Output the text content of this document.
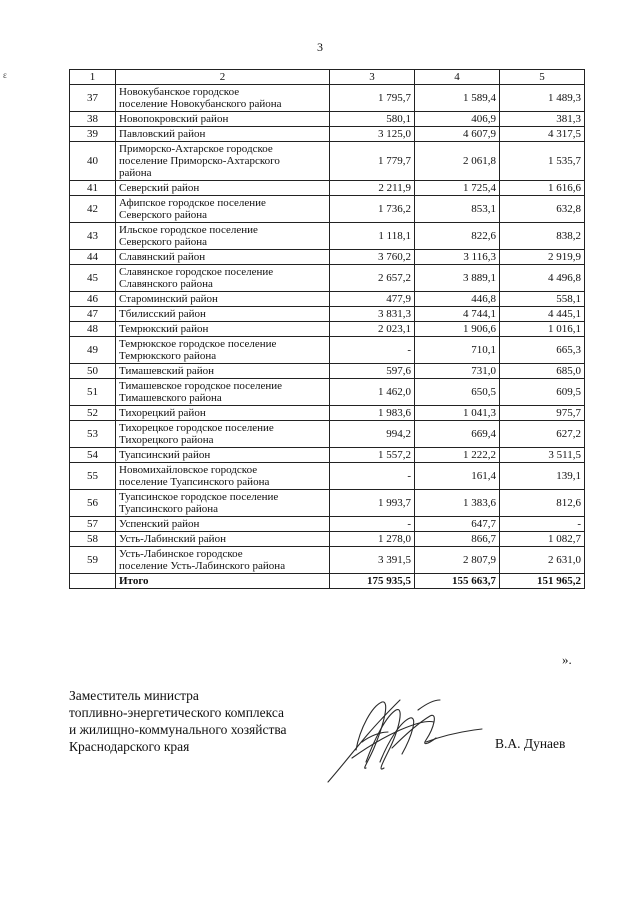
3
ɛ	1	2	3	4	5
37	Новокубанское городское
поселение Новокубанского района	1 795,7	1 589,4	1 489,3
38	Новопокровский район	580,1	406,9	381,3
39	Павловский район	3 125,0	4 607,9	4 317,5
40	Приморско-Ахтарское городское
поселение Приморско-Ахтарского
района	1 779,7	2 061,8	1 535,7
41	Северский район	2 211,9	1 725,4	1 616,6
42	Афипское городское поселение
Северского района	1 736,2	853,1	632,8
43	Ильское городское поселение
Северского района	1 118,1	822,6	838,2
44	Славянский район	3 760,2	3 116,3	2 919,9
45	Славянское городское поселение
Славянского района	2 657,2	3 889,1	4 496,8
46	Староминский район	477,9	446,8	558,1
47	Тбилисский район	3 831,3	4 744,1	4 445,1
48	Темрюкский район	2 023,1	1 906,6	1 016,1
49	Темрюкское городское поселение
Темрюкского района	-	710,1	665,3
50	Тимашевский район	597,6	731,0	685,0
51	Тимашевское городское поселение
Тимашевского района	1 462,0	650,5	609,5
52	Тихорецкий район	1 983,6	1 041,3	975,7
53	Тихорецкое городское поселение
Тихорецкого района	994,2	669,4	627,2
54	Туапсинский район	1 557,2	1 222,2	3 511,5
55	Новомихайловское городское
поселение Туапсинского района	-	161,4	139,1
56	Туапсинское городское поселение
Туапсинского района	1 993,7	1 383,6	812,6
57	Успенский район	-	647,7	-
58	Усть-Лабинский район	1 278,0	866,7	1 082,7
59	Усть-Лабинское городское
поселение Усть-Лабинского района	3 391,5	2 807,9	2 631,0
	Итого	175 935,5	155 663,7	151 965,2
».
Заместитель министра
топливно-энергетического комплекса
и жилищно-коммунального хозяйства
Краснодарского края	В.А. Дунаев
